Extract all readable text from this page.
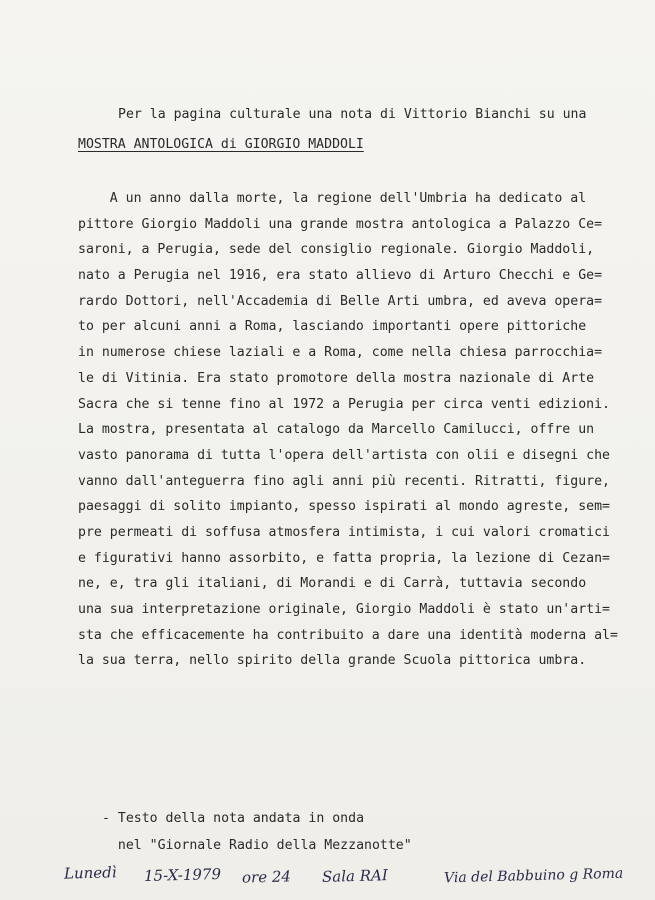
Per la pagina culturale una nota di Vittorio Bianchi su una
MOSTRA ANTOLOGICA di GIORGIO MADDOLI
A un anno dalla morte, la regione dell'Umbria ha dedicato al
pittore Giorgio Maddoli una grande mostra antologica a Palazzo Ce=
saroni, a Perugia, sede del consiglio regionale. Giorgio Maddoli,
nato a Perugia nel 1916, era stato allievo di Arturo Checchi e Ge=
rardo Dottori, nell'Accademia di Belle Arti umbra, ed aveva opera=
to per alcuni anni a Roma, lasciando importanti opere pittoriche
in numerose chiese laziali e a Roma, come nella chiesa parrocchia=
le di Vitinia. Era stato promotore della mostra nazionale di Arte
Sacra che si tenne fino al 1972 a Perugia per circa venti edizioni.
La mostra, presentata al catalogo da Marcello Camilucci, offre un
vasto panorama di tutta l'opera dell'artista con olii e disegni che
vanno dall'anteguerra fino agli anni più recenti. Ritratti, figure,
paesaggi di solito impianto, spesso ispirati al mondo agreste, sem=
pre permeati di soffusa atmosfera intimista, i cui valori cromatici
e figurativi hanno assorbito, e fatta propria, la lezione di Cezan=
ne, e, tra gli italiani, di Morandi e di Carrà, tuttavia secondo
una sua interpretazione originale, Giorgio Maddoli è stato un'arti=
sta che efficacemente ha contribuito a dare una identità moderna al=
la sua terra, nello spirito della grande Scuola pittorica umbra.
- Testo della nota andata in onda
nel "Giornale Radio della Mezzanotte"
Lunedì 15-X-1979 ore 24 Sala RAI	Via del Babbuino g Roma
